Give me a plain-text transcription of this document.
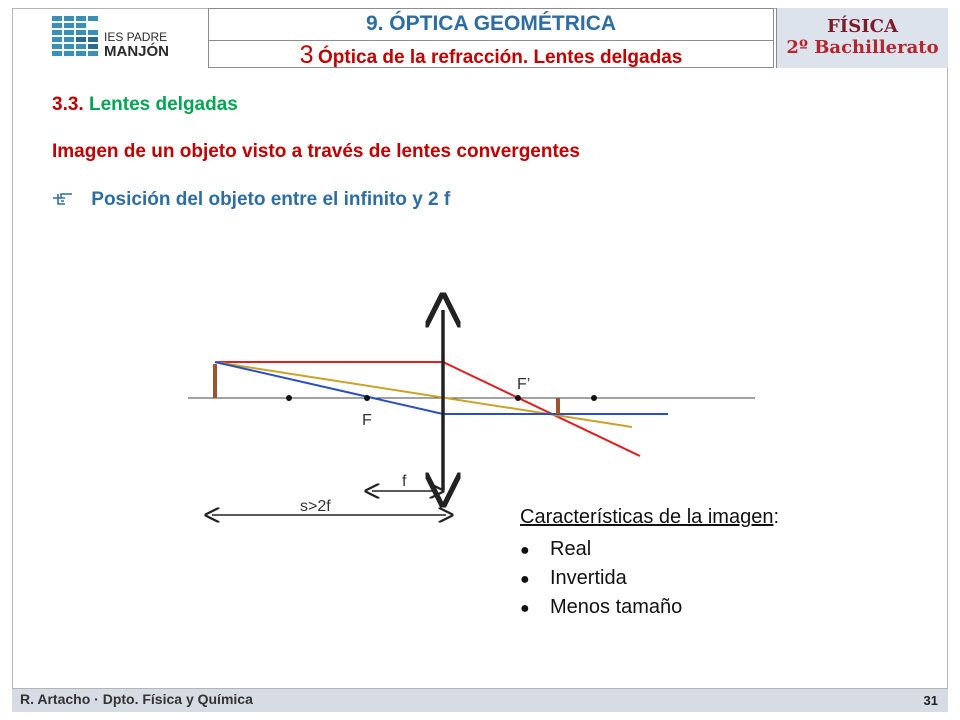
IES PADRE
MANJÓN
9. ÓPTICA GEOMÉTRICA
3 Óptica de la refracción. Lentes delgadas
FÍSICA
2º Bachillerato
3.3. Lentes delgadas
Imagen de un objeto visto a través de lentes convergentes
Posición del objeto entre el infinito y 2 f
F
F’
f
s>2f	Características de la imagen:
● Real
● Invertida
● Menos tamaño
R. Artacho · Dpto. Física y Química	31
